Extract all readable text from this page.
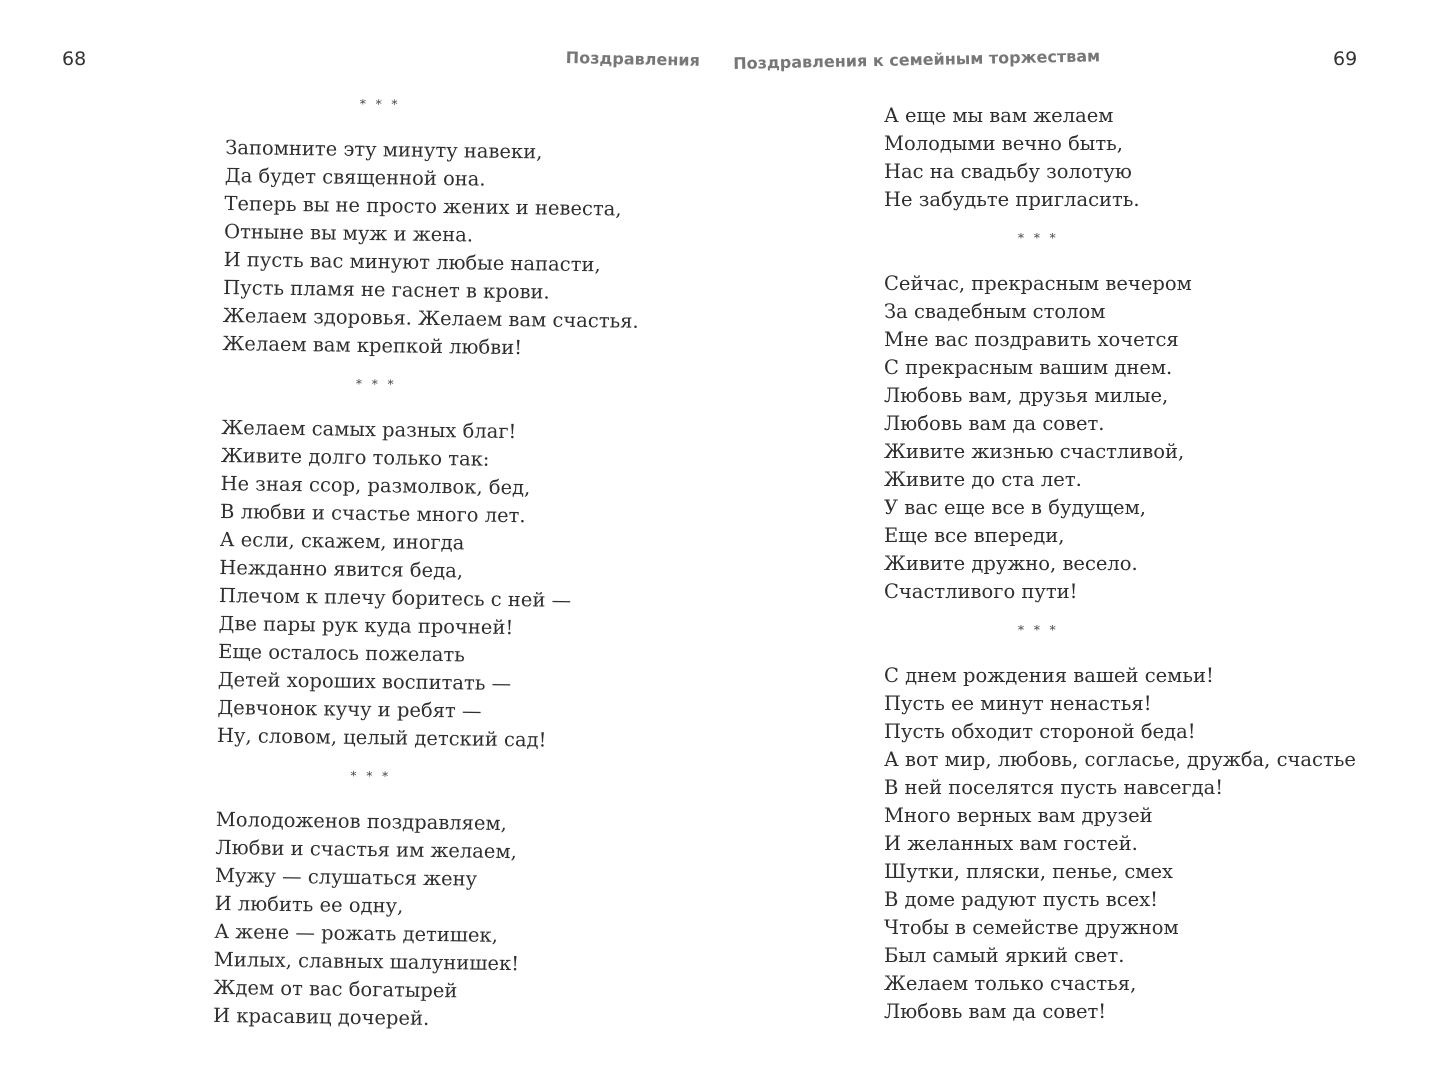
68	Поздравления Поздравления к семейным торжествам	69
* * *
Запомните эту минуту навеки,
Да будет священной она.
Теперь вы не просто жених и невеста,
Отныне вы муж и жена.
И пусть вас минуют любые напасти,
Пусть пламя не гаснет в крови.
Желаем здоровья. Желаем вам счастья.
Желаем вам крепкой любви!
* * *
Желаем самых разных благ!
Живите долго только так:
Не зная ссор, размолвок, бед,
В любви и счастье много лет.
А если, скажем, иногда
Нежданно явится беда,
Плечом к плечу боритесь с ней —
Две пары рук куда прочней!
Еще осталось пожелать
Детей хороших воспитать —
Девчонок кучу и ребят —
Ну, словом, целый детский сад!
* * *
Молодоженов поздравляем,
Любви и счастья им желаем,
Мужу — слушаться жену
И любить ее одну,
А жене — рожать детишек,
Милых, славных шалунишек!
Ждем от вас богатырей
И красавиц дочерей.
А еще мы вам желаем
Молодыми вечно быть,
Нас на свадьбу золотую
Не забудьте пригласить.
* * *
Сейчас, прекрасным вечером
За свадебным столом
Мне вас поздравить хочется
С прекрасным вашим днем.
Любовь вам, друзья милые,
Любовь вам да совет.
Живите жизнью счастливой,
Живите до ста лет.
У вас еще все в будущем,
Еще все впереди,
Живите дружно, весело.
Счастливого пути!
* * *
С днем рождения вашей семьи!
Пусть ее минут ненастья!
Пусть обходит стороной беда!
А вот мир, любовь, согласье, дружба, счастье
В ней поселятся пусть навсегда!
Много верных вам друзей
И желанных вам гостей.
Шутки, пляски, пенье, смех
В доме радуют пусть всех!
Чтобы в семействе дружном
Был самый яркий свет.
Желаем только счастья,
Любовь вам да совет!
